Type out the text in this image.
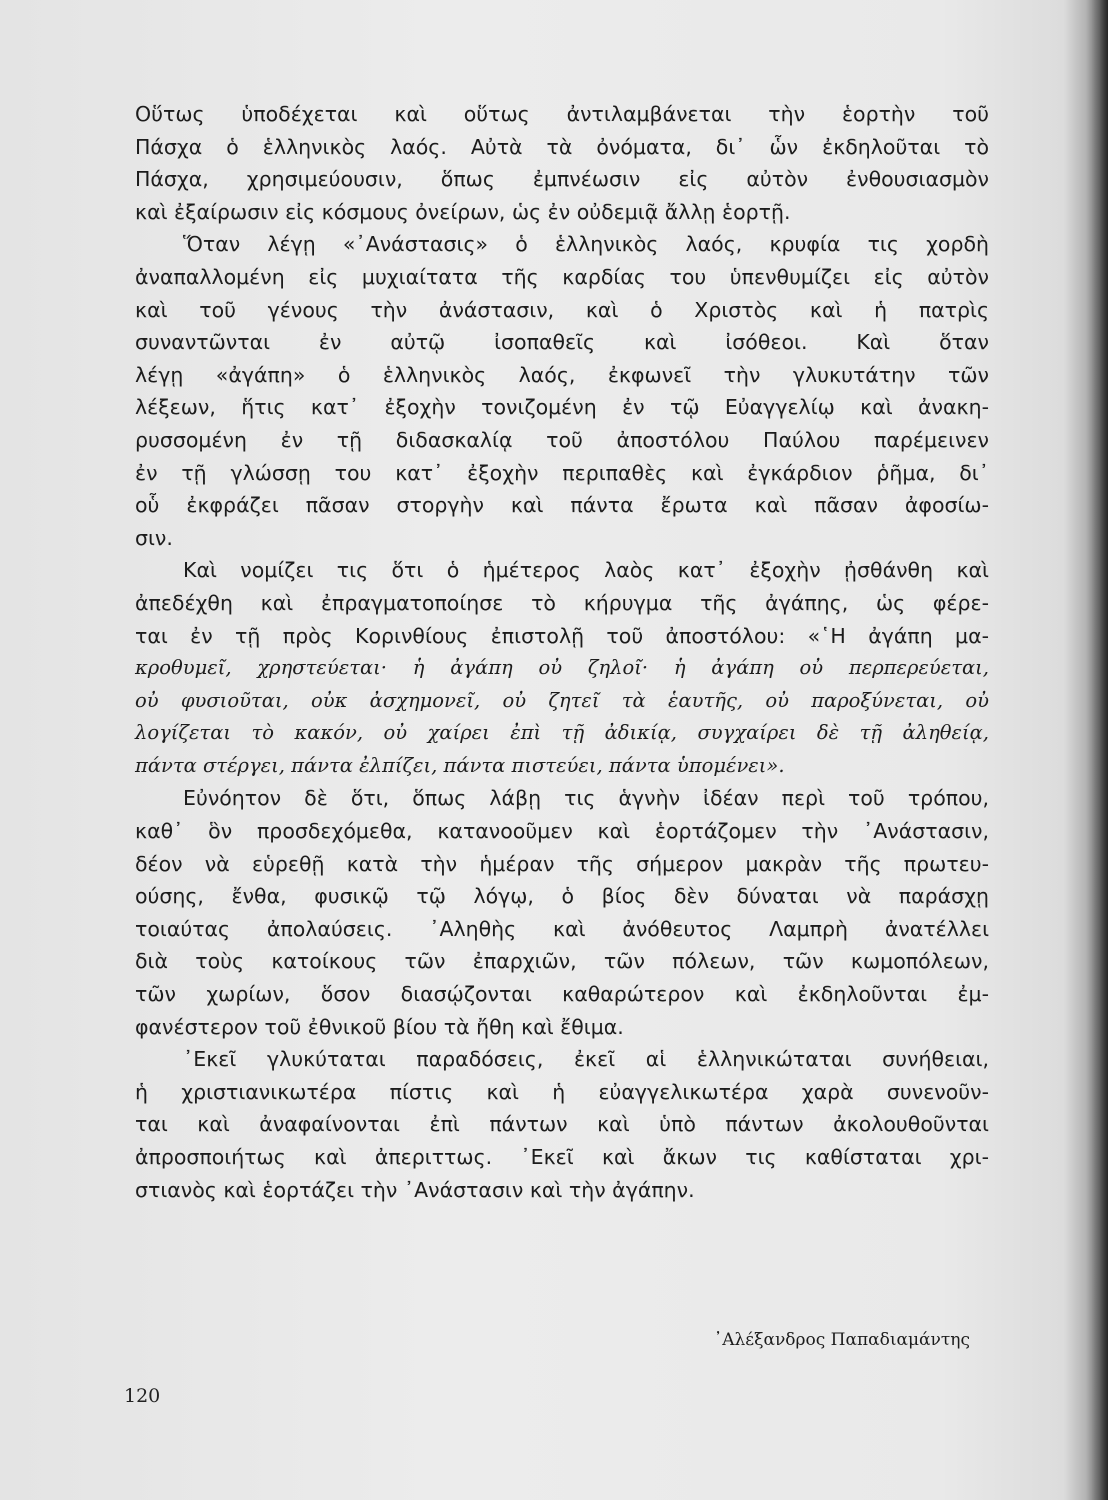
Οὕτως ὑποδέχεται καὶ οὕτως ἀντιλαμβάνεται τὴν ἑορτὴν τοῦ
Πάσχα ὁ ἑλληνικὸς λαός. Αὐτὰ τὰ ὀνόματα, δι᾽ ὧν ἐκδηλοῦται τὸ
Πάσχα, χρησιμεύουσιν, ὅπως ἐμπνέωσιν εἰς αὐτὸν ἐνθουσιασμὸν
καὶ ἐξαίρωσιν εἰς κόσμους ὀνείρων, ὡς ἐν οὐδεμιᾷ ἄλλῃ ἑορτῇ.
Ὅταν λέγῃ «᾿Ανάστασις» ὁ ἑλληνικὸς λαός, κρυφία τις χορδὴ
ἀναπαλλομένη εἰς μυχιαίτατα τῆς καρδίας του ὑπενθυμίζει εἰς αὐτὸν
καὶ τοῦ γένους τὴν ἀνάστασιν, καὶ ὁ Χριστὸς καὶ ἡ πατρὶς
συναντῶνται ἐν αὐτῷ ἰσοπαθεῖς καὶ ἰσόθεοι. Καὶ ὅταν
λέγῃ «ἀγάπη» ὁ ἑλληνικὸς λαός, ἐκφωνεῖ τὴν γλυκυτάτην τῶν
λέξεων, ἥτις κατ᾽ ἐξοχὴν τονιζομένη ἐν τῷ Εὐαγγελίῳ καὶ ἀνακη-
ρυσσομένη ἐν τῇ διδασκαλίᾳ τοῦ ἀποστόλου Παύλου παρέμεινεν
ἐν τῇ γλώσσῃ του κατ᾽ ἐξοχὴν περιπαθὲς καὶ ἐγκάρδιον ῥῆμα, δι᾽
οὗ ἐκφράζει πᾶσαν στοργὴν καὶ πάντα ἔρωτα καὶ πᾶσαν ἀφοσίω-
σιν.
Καὶ νομίζει τις ὅτι ὁ ἡμέτερος λαὸς κατ᾽ ἐξοχὴν ᾐσθάνθη καὶ
ἀπεδέχθη καὶ ἐπραγματοποίησε τὸ κήρυγμα τῆς ἀγάπης, ὡς φέρε-
ται ἐν τῇ πρὸς Κορινθίους ἐπιστολῇ τοῦ ἀποστόλου: «῾Η ἀγάπη μα-
κροθυμεῖ, χρηστεύεται· ἡ ἀγάπη οὐ ζηλοῖ· ἡ ἀγάπη οὐ περπερεύεται,
οὐ φυσιοῦται, οὐκ ἀσχημονεῖ, οὐ ζητεῖ τὰ ἑαυτῆς, οὐ παροξύνεται, οὐ
λογίζεται τὸ κακόν, οὐ χαίρει ἐπὶ τῇ ἀδικίᾳ, συγχαίρει δὲ τῇ ἀληθείᾳ,
πάντα στέργει, πάντα ἐλπίζει, πάντα πιστεύει, πάντα ὑπομένει».
Εὐνόητον δὲ ὅτι, ὅπως λάβῃ τις ἁγνὴν ἰδέαν περὶ τοῦ τρόπου,
καθ᾽ ὃν προσδεχόμεθα, κατανοοῦμεν καὶ ἑορτάζομεν τὴν ᾿Ανάστασιν,
δέον νὰ εὑρεθῇ κατὰ τὴν ἡμέραν τῆς σήμερον μακρὰν τῆς πρωτευ-
ούσης, ἔνθα, φυσικῷ τῷ λόγῳ, ὁ βίος δὲν δύναται νὰ παράσχῃ
τοιαύτας ἀπολαύσεις. ᾿Αληθὴς καὶ ἀνόθευτος Λαμπρὴ ἀνατέλλει
διὰ τοὺς κατοίκους τῶν ἐπαρχιῶν, τῶν πόλεων, τῶν κωμοπόλεων,
τῶν χωρίων, ὅσον διασῴζονται καθαρώτερον καὶ ἐκδηλοῦνται ἐμ-
φανέστερον τοῦ ἐθνικοῦ βίου τὰ ἤθη καὶ ἔθιμα.
᾿Εκεῖ γλυκύταται παραδόσεις, ἐκεῖ αἱ ἑλληνικώταται συνήθειαι,
ἡ χριστιανικωτέρα πίστις καὶ ἡ εὐαγγελικωτέρα χαρὰ συνενοῦν-
ται καὶ ἀναφαίνονται ἐπὶ πάντων καὶ ὑπὸ πάντων ἀκολουθοῦνται
ἀπροσποιήτως καὶ ἀπεριττως. ᾿Εκεῖ καὶ ἄκων τις καθίσταται χρι-
στιανὸς καὶ ἑορτάζει τὴν ᾿Ανάστασιν καὶ τὴν ἀγάπην.
᾿Αλέξανδρος Παπαδιαμάντης
120
